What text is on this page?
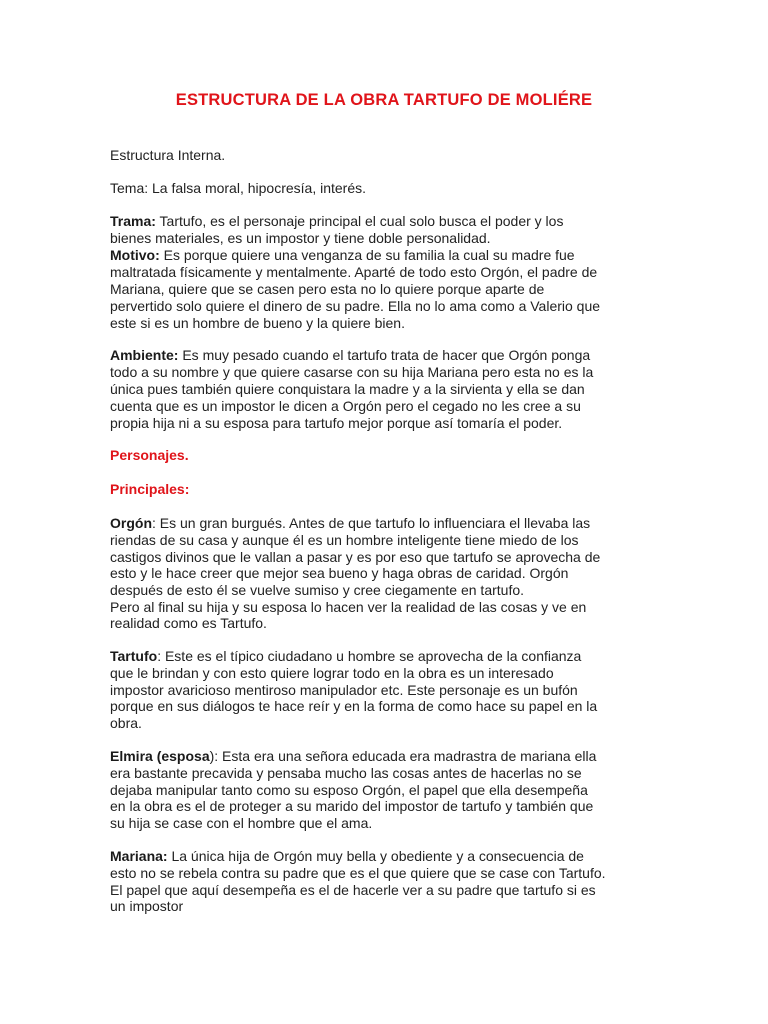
ESTRUCTURA DE LA OBRA TARTUFO DE MOLIÉRE
Estructura Interna.
Tema: La falsa moral, hipocresía, interés.
Trama: Tartufo, es el personaje principal el cual solo busca el poder y los
bienes materiales, es un impostor y tiene doble personalidad.
Motivo: Es porque quiere una venganza de su familia la cual su madre fue
maltratada físicamente y mentalmente. Aparté de todo esto Orgón, el padre de
Mariana, quiere que se casen pero esta no lo quiere porque aparte de
pervertido solo quiere el dinero de su padre. Ella no lo ama como a Valerio que
este si es un hombre de bueno y la quiere bien.
Ambiente: Es muy pesado cuando el tartufo trata de hacer que Orgón ponga
todo a su nombre y que quiere casarse con su hija Mariana pero esta no es la
única pues también quiere conquistara la madre y a la sirvienta y ella se dan
cuenta que es un impostor le dicen a Orgón pero el cegado no les cree a su
propia hija ni a su esposa para tartufo mejor porque así tomaría el poder.
Personajes.
Principales:
Orgón: Es un gran burgués. Antes de que tartufo lo influenciara el llevaba las
riendas de su casa y aunque él es un hombre inteligente tiene miedo de los
castigos divinos que le vallan a pasar y es por eso que tartufo se aprovecha de
esto y le hace creer que mejor sea bueno y haga obras de caridad. Orgón
después de esto él se vuelve sumiso y cree ciegamente en tartufo.
Pero al final su hija y su esposa lo hacen ver la realidad de las cosas y ve en
realidad como es Tartufo.
Tartufo: Este es el típico ciudadano u hombre se aprovecha de la confianza
que le brindan y con esto quiere lograr todo en la obra es un interesado
impostor avaricioso mentiroso manipulador etc. Este personaje es un bufón
porque en sus diálogos te hace reír y en la forma de como hace su papel en la
obra.
Elmira (esposa): Esta era una señora educada era madrastra de mariana ella
era bastante precavida y pensaba mucho las cosas antes de hacerlas no se
dejaba manipular tanto como su esposo Orgón, el papel que ella desempeña
en la obra es el de proteger a su marido del impostor de tartufo y también que
su hija se case con el hombre que el ama.
Mariana: La única hija de Orgón muy bella y obediente y a consecuencia de
esto no se rebela contra su padre que es el que quiere que se case con Tartufo.
El papel que aquí desempeña es el de hacerle ver a su padre que tartufo si es
un impostor
